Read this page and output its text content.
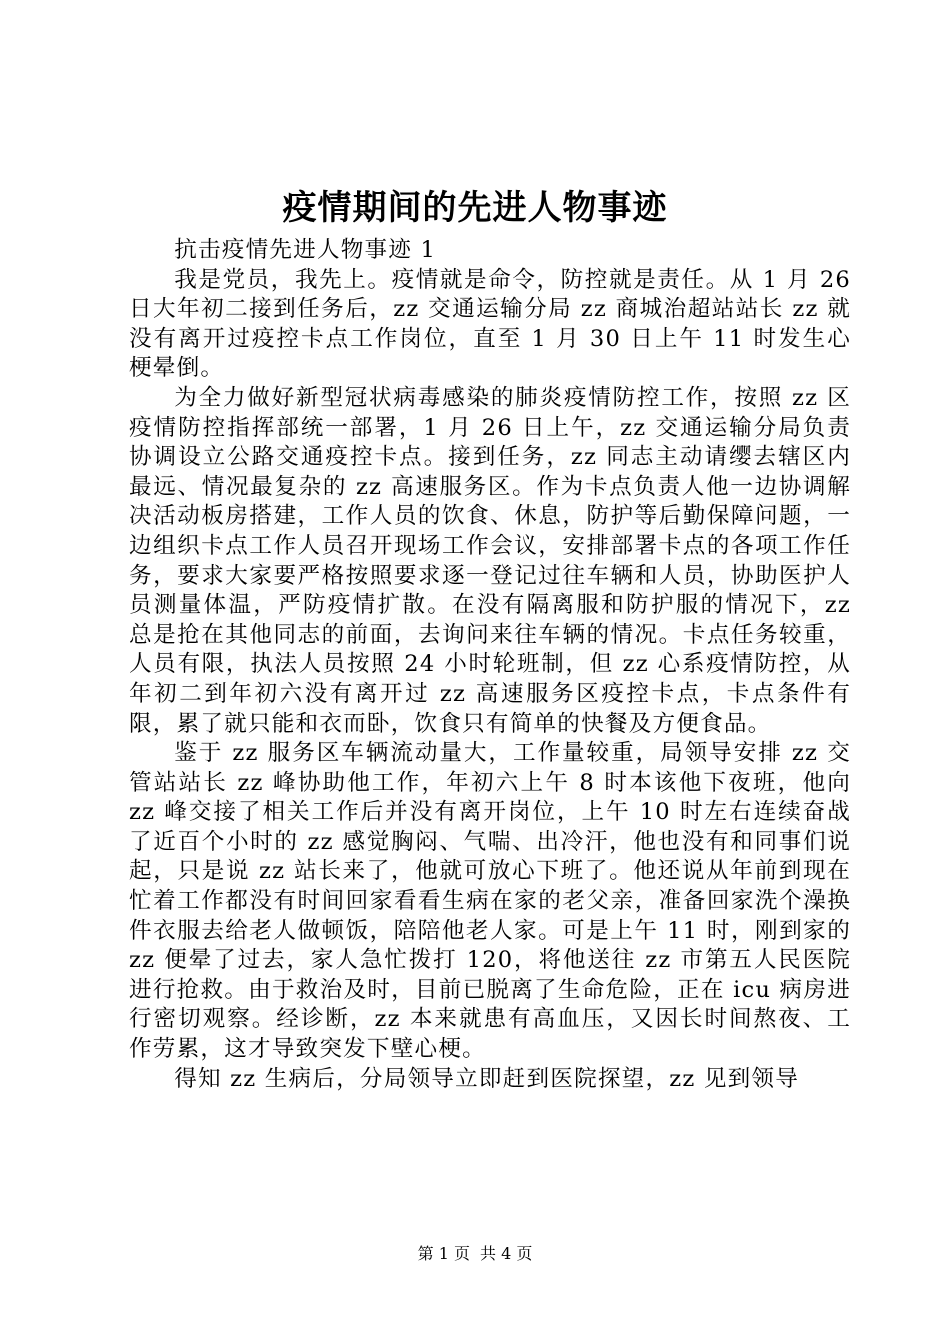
疫情期间的先进人物事迹

抗击疫情先进人物事迹 1

我是党员，我先上。疫情就是命令，防控就是责任。从 1 月 26 日大年初二接到任务后，zz 交通运输分局 zz 商城治超站站长 zz 就没有离开过疫控卡点工作岗位，直至 1 月 30 日上午 11 时发生心梗晕倒。

为全力做好新型冠状病毒感染的肺炎疫情防控工作，按照 zz 区疫情防控指挥部统一部署，1 月 26 日上午，zz 交通运输分局负责协调设立公路交通疫控卡点。接到任务，zz 同志主动请缨去辖区内最远、情况最复杂的 zz 高速服务区。作为卡点负责人他一边协调解决活动板房搭建，工作人员的饮食、休息，防护等后勤保障问题，一边组织卡点工作人员召开现场工作会议，安排部署卡点的各项工作任务，要求大家要严格按照要求逐一登记过往车辆和人员，协助医护人员测量体温，严防疫情扩散。在没有隔离服和防护服的情况下，zz 总是抢在其他同志的前面，去询问来往车辆的情况。卡点任务较重，人员有限，执法人员按照 24 小时轮班制，但 zz 心系疫情防控，从年初二到年初六没有离开过 zz 高速服务区疫控卡点，卡点条件有限，累了就只能和衣而卧，饮食只有简单的快餐及方便食品。

鉴于 zz 服务区车辆流动量大，工作量较重，局领导安排 zz 交管站站长 zz 峰协助他工作，年初六上午 8 时本该他下夜班，他向 zz 峰交接了相关工作后并没有离开岗位，上午 10 时左右连续奋战了近百个小时的 zz 感觉胸闷、气喘、出冷汗，他也没有和同事们说起，只是说 zz 站长来了，他就可放心下班了。他还说从年前到现在忙着工作都没有时间回家看看生病在家的老父亲，准备回家洗个澡换件衣服去给老人做顿饭，陪陪他老人家。可是上午 11 时，刚到家的 zz 便晕了过去，家人急忙拨打 120，将他送往 zz 市第五人民医院进行抢救。由于救治及时，目前已脱离了生命危险，正在 icu 病房进行密切观察。经诊断，zz 本来就患有高血压，又因长时间熬夜、工作劳累，这才导致突发下壁心梗。

得知 zz 生病后，分局领导立即赶到医院探望，zz 见到领导

第 1 页 共 4 页
